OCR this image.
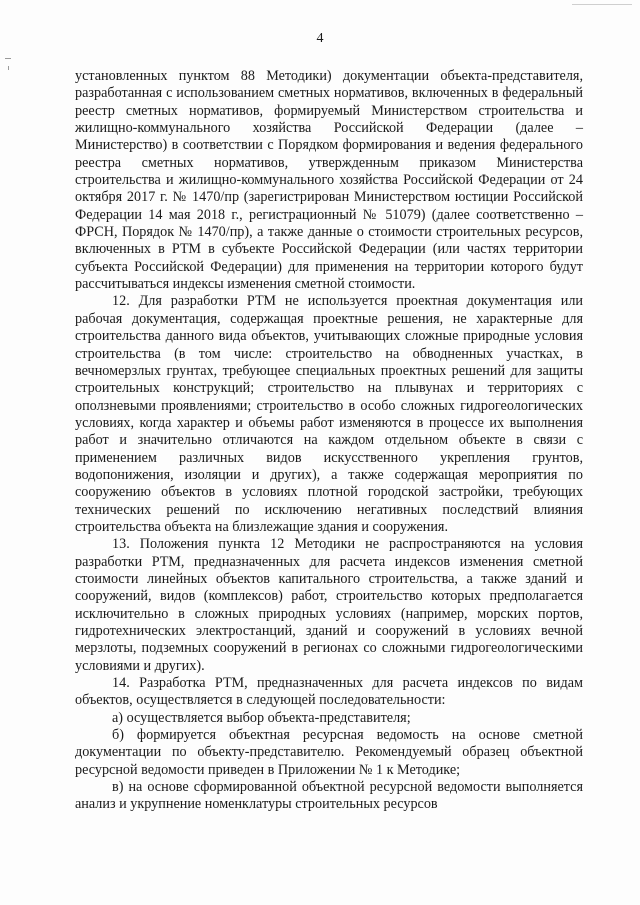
4

установленных пунктом 88 Методики) документации объекта-представителя, разработанная с использованием сметных нормативов, включенных в федеральный реестр сметных нормативов, формируемый Министерством строительства и жилищно-коммунального хозяйства Российской Федерации (далее – Министерство) в соответствии с Порядком формирования и ведения федерального реестра сметных нормативов, утвержденным приказом Министерства строительства и жилищно-коммунального хозяйства Российской Федерации от 24 октября 2017 г. № 1470/пр (зарегистрирован Министерством юстиции Российской Федерации 14 мая 2018 г., регистрационный № 51079) (далее соответственно – ФРСН, Порядок № 1470/пр), а также данные о стоимости строительных ресурсов, включенных в РТМ в субъекте Российской Федерации (или частях территории субъекта Российской Федерации) для применения на территории которого будут рассчитываться индексы изменения сметной стоимости.

12. Для разработки РТМ не используется проектная документация или рабочая документация, содержащая проектные решения, не характерные для строительства данного вида объектов, учитывающих сложные природные условия строительства (в том числе: строительство на обводненных участках, в вечномерзлых грунтах, требующее специальных проектных решений для защиты строительных конструкций; строительство на плывунах и территориях с оползневыми проявлениями; строительство в особо сложных гидрогеологических условиях, когда характер и объемы работ изменяются в процессе их выполнения работ и значительно отличаются на каждом отдельном объекте в связи с применением различных видов искусственного укрепления грунтов, водопонижения, изоляции и других), а также содержащая мероприятия по сооружению объектов в условиях плотной городской застройки, требующих технических решений по исключению негативных последствий влияния строительства объекта на близлежащие здания и сооружения.

13. Положения пункта 12 Методики не распространяются на условия разработки РТМ, предназначенных для расчета индексов изменения сметной стоимости линейных объектов капитального строительства, а также зданий и сооружений, видов (комплексов) работ, строительство которых предполагается исключительно в сложных природных условиях (например, морских портов, гидротехнических электростанций, зданий и сооружений в условиях вечной мерзлоты, подземных сооружений в регионах со сложными гидрогеологическими условиями и других).

14. Разработка РТМ, предназначенных для расчета индексов по видам объектов, осуществляется в следующей последовательности:

а) осуществляется выбор объекта-представителя;

б) формируется объектная ресурсная ведомость на основе сметной документации по объекту-представителю. Рекомендуемый образец объектной ресурсной ведомости приведен в Приложении № 1 к Методике;

в) на основе сформированной объектной ресурсной ведомости выполняется анализ и укрупнение номенклатуры строительных ресурсов
